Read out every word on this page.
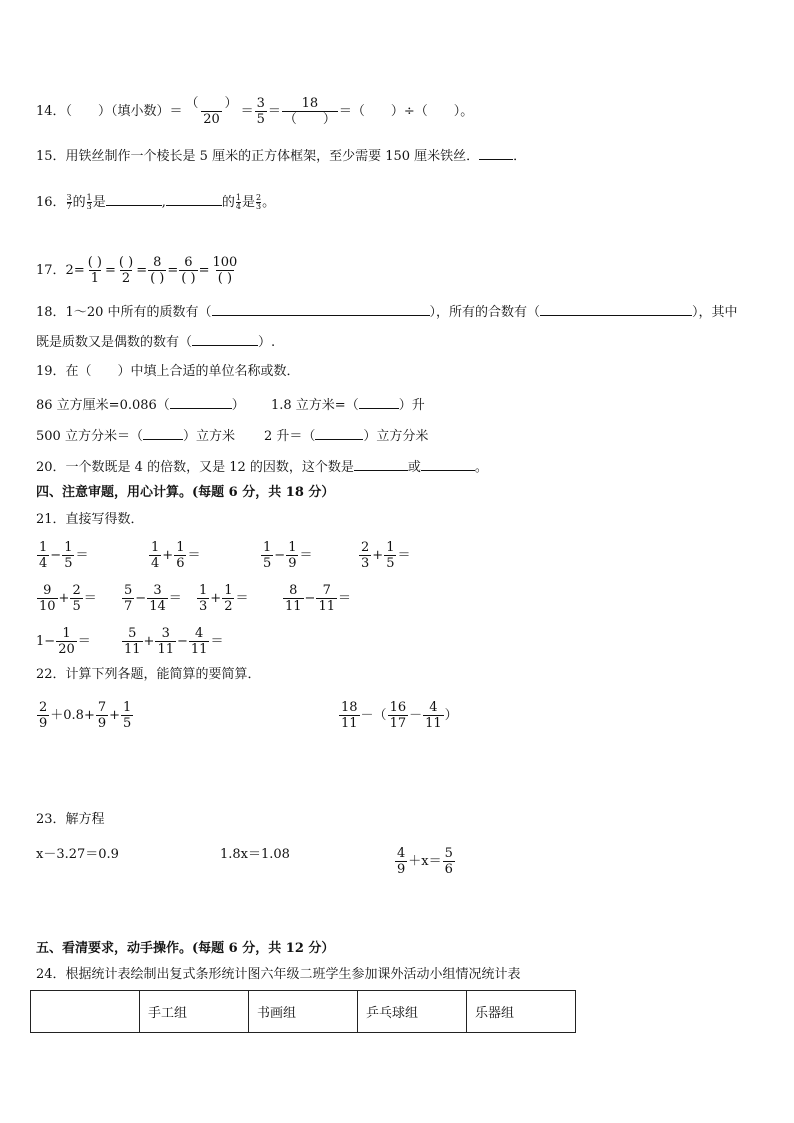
14．（　　）（填小数）＝
（　　）
20
＝ $\frac{3}{5}$ ＝
18
（　　）
＝（　　）÷（　　）。
15．用铁丝制作一个棱长是 5 厘米的正方体框架，至少需要 150 厘米铁丝．	．
16． $\frac{3}{7}$ 的 $\frac{1}{3}$ 是	,	的 $\frac{1}{4}$ 是 $\frac{2}{3}$ 。
17．2=
( )
1
=
( )
2
=
8
( )
=
6
( )
=
100
( )
18．1～20 中所有的质数有（	），所有的合数有（	），其中
既是质数又是偶数的数有（	）.
19．在（　　）中填上合适的单位名称或数．
86 立方厘米=0.086（	） 1.8 立方米=（	）升
500 立方分米＝（	）立方米 2 升＝（	）立方分米
20．一个数既是 4 的倍数，又是 12 的因数，这个数是	或	。
四、注意审题，用心计算。(每题 6 分，共 18 分）
21．直接写得数．
$\frac{1}{4} - \frac{1}{5}$ ＝	$\frac{1}{4} + \frac{1}{6}$ ＝	$\frac{1}{5} - \frac{1}{9}$ ＝	$\frac{2}{3} + \frac{1}{5}$ ＝
$\frac{9}{10} + \frac{2}{5} = \frac{5}{7} - \frac{3}{14} = \frac{1}{3} + \frac{1}{2}$ ＝	$\frac{8}{11} - \frac{7}{11}$ ＝
$1- \frac{1}{20} = \frac{5}{11} + \frac{3}{11} - \frac{4}{11}$ ＝
22．计算下列各题，能简算的要简算．
$\frac{2}{9} +0.8+ \frac{7}{9} + \frac{1}{5}$	$\frac{18}{11}$ －（ $\frac{16}{17} - \frac{4}{11}$ ）
23．解方程
x－3.27＝0.9	1.8x＝1.08	$\frac{4}{9} +x= \frac{5}{6}$
五、看清要求，动手操作。(每题 6 分，共 12 分）
24．根据统计表绘制出复式条形统计图六年级二班学生参加课外活动小组情况统计表
	手工组	书画组	乒乓球组	乐器组
